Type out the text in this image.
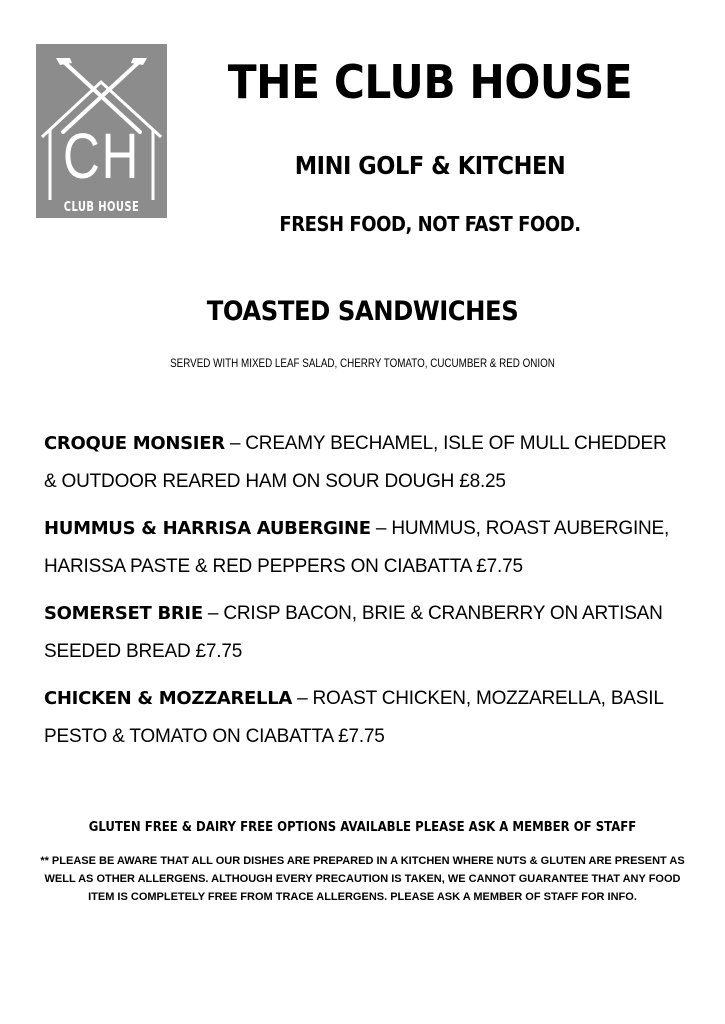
CH
CLUB HOUSE
THE CLUB HOUSE
MINI GOLF & KITCHEN
FRESH FOOD, NOT FAST FOOD.
TOASTED SANDWICHES
SERVED WITH MIXED LEAF SALAD, CHERRY TOMATO, CUCUMBER & RED ONION
CROQUE MONSIER – CREAMY BECHAMEL, ISLE OF MULL CHEDDER & OUTDOOR REARED HAM ON SOUR DOUGH £8.25
HUMMUS & HARRISA AUBERGINE – HUMMUS, ROAST AUBERGINE, HARISSA PASTE & RED PEPPERS ON CIABATTA £7.75
SOMERSET BRIE – CRISP BACON, BRIE & CRANBERRY ON ARTISAN SEEDED BREAD £7.75
CHICKEN & MOZZARELLA – ROAST CHICKEN, MOZZARELLA, BASIL PESTO & TOMATO ON CIABATTA £7.75
GLUTEN FREE & DAIRY FREE OPTIONS AVAILABLE PLEASE ASK A MEMBER OF STAFF
** PLEASE BE AWARE THAT ALL OUR DISHES ARE PREPARED IN A KITCHEN WHERE NUTS & GLUTEN ARE PRESENT AS WELL AS OTHER ALLERGENS. ALTHOUGH EVERY PRECAUTION IS TAKEN, WE CANNOT GUARANTEE THAT ANY FOOD ITEM IS COMPLETELY FREE FROM TRACE ALLERGENS. PLEASE ASK A MEMBER OF STAFF FOR INFO.
